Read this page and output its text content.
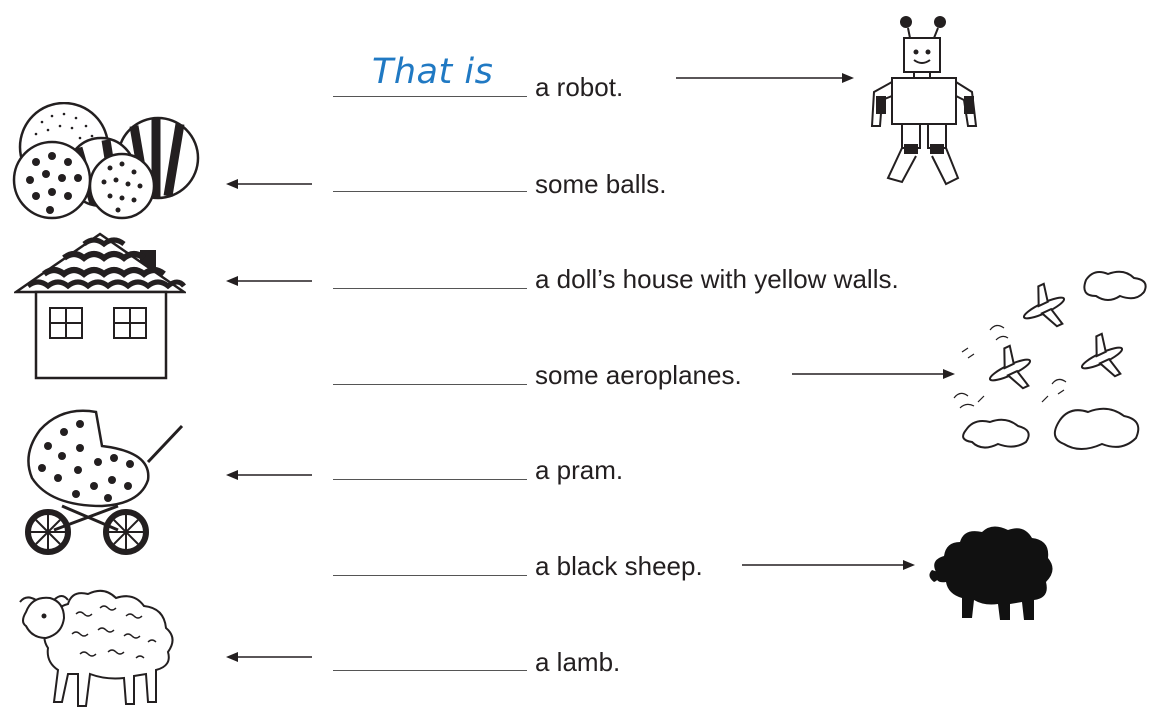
That is a robot.
some balls.
a doll’s house with yellow walls.
some aeroplanes.
a pram.
a black sheep.
a lamb.
